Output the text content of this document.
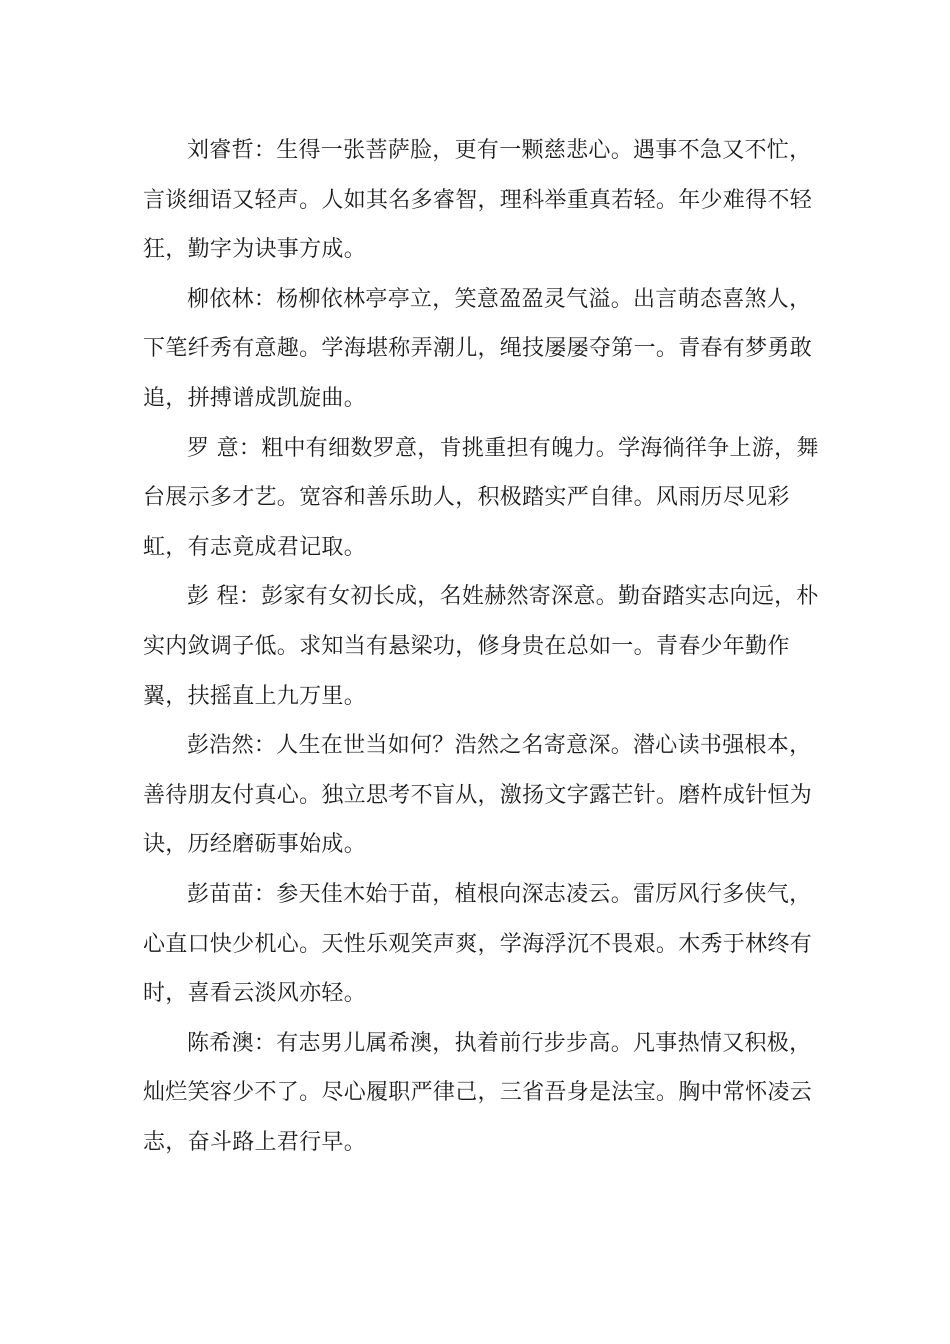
刘睿哲：生得一张菩萨脸，更有一颗慈悲心。遇事不急又不忙，言谈细语又轻声。人如其名多睿智，理科举重真若轻。年少难得不轻狂，勤字为诀事方成。

柳依林：杨柳依林亭亭立，笑意盈盈灵气溢。出言萌态喜煞人，下笔纤秀有意趣。学海堪称弄潮儿，绳技屡屡夺第一。青春有梦勇敢追，拼搏谱成凯旋曲。

罗 意：粗中有细数罗意，肯挑重担有魄力。学海徜徉争上游，舞台展示多才艺。宽容和善乐助人，积极踏实严自律。风雨历尽见彩虹，有志竟成君记取。

彭 程：彭家有女初长成，名姓赫然寄深意。勤奋踏实志向远，朴实内敛调子低。求知当有悬梁功，修身贵在总如一。青春少年勤作翼，扶摇直上九万里。

彭浩然：人生在世当如何？浩然之名寄意深。潜心读书强根本，善待朋友付真心。独立思考不盲从，激扬文字露芒针。磨杵成针恒为诀，历经磨砺事始成。

彭苗苗：参天佳木始于苗，植根向深志凌云。雷厉风行多侠气，心直口快少机心。天性乐观笑声爽，学海浮沉不畏艰。木秀于林终有时，喜看云淡风亦轻。

陈希澳：有志男儿属希澳，执着前行步步高。凡事热情又积极，灿烂笑容少不了。尽心履职严律己，三省吾身是法宝。胸中常怀凌云志，奋斗路上君行早。
